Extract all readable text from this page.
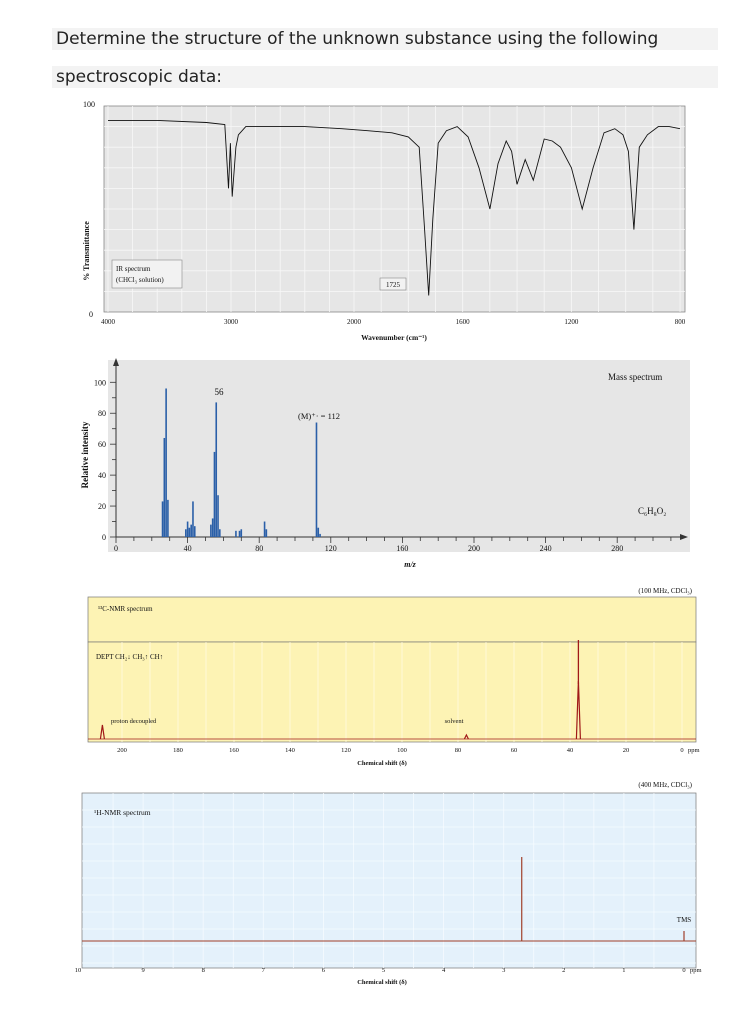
Determine the structure of the unknown substance using the following
spectroscopic data:
100
0
% Transmittance	IR spectrum
(CHCl₃ solution)
1725
4000	3000	2000	1600	1200	800
Wavenumber (cm⁻¹)
100
80
60
40
20
0
0	40	80	120	160	200	240	280
Relative intensity
Mass spectrum
C₆H₈O₂
56
(M)⁺· = 112
m/z
(100 MHz, CDCl₃)
¹³C-NMR spectrum
DEPT CH₂↓ CH₃↑ CH↑
proton decoupled	solvent
200	180	160	140	120	100	80	60	40	20	0 ppm
Chemical shift (δ)
(400 MHz, CDCl₃)
¹H-NMR spectrum
TMS
10	9	8	7	6	5	4	3	2	1	0 ppm
Chemical shift (δ)
